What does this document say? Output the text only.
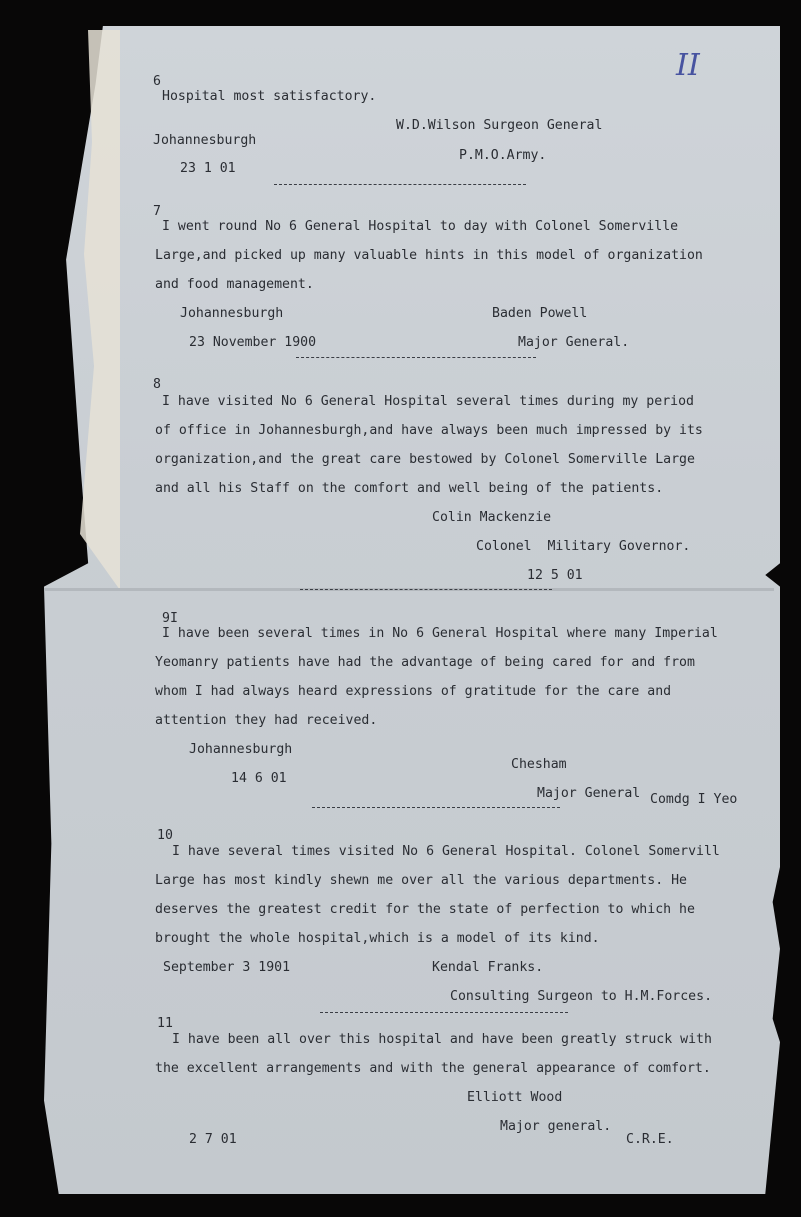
II
6
Hospital most satisfactory.
W.D.Wilson Surgeon General
Johannesburgh
P.M.O.Army.
23 1 01
7
I went round No 6 General Hospital to day with Colonel Somerville
Large,and picked up many valuable hints in this model of organization
and food management.
Johannesburgh	Baden Powell
23 November 1900	Major General.
8
I have visited No 6 General Hospital several times during my period
of office in Johannesburgh,and have always been much impressed by its
organization,and the great care bestowed by Colonel Somerville Large
and all his Staff on the comfort and well being of the patients.
Colin Mackenzie
Colonel  Military Governor.
12 5 01
9I
I have been several times in No 6 General Hospital where many Imperial
Yeomanry patients have had the advantage of being cared for and from
whom I had always heard expressions of gratitude for the care and
attention they had received.
Johannesburgh
Chesham
14 6 01
Major General Comdg I Yeo
10
I have several times visited No 6 General Hospital. Colonel Somervill
Large has most kindly shewn me over all the various departments. He
deserves the greatest credit for the state of perfection to which he
brought the whole hospital,which is a model of its kind.
September 3 1901	Kendal Franks.
Consulting Surgeon to H.M.Forces.
11
I have been all over this hospital and have been greatly struck with
the excellent arrangements and with the general appearance of comfort.
Elliott Wood
Major general.
2 7 01	C.R.E.
